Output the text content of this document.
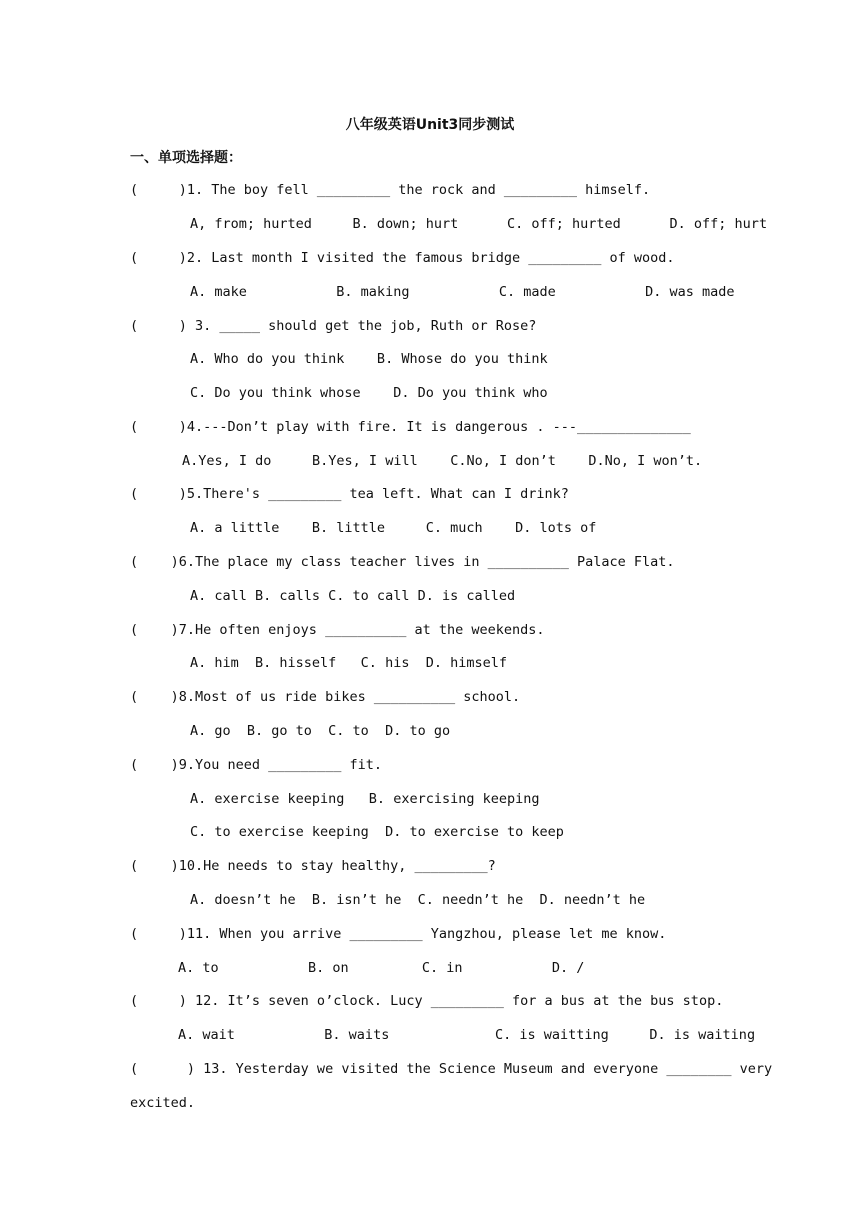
八年级英语Unit3同步测试
一、单项选择题：
(     )1. The boy fell _________ the rock and _________ himself.
A, from; hurted     B. down; hurt      C. off; hurted      D. off; hurt
(     )2. Last month I visited the famous bridge _________ of wood.
A. make           B. making           C. made           D. was made
(     ) 3. _____ should get the job, Ruth or Rose?
A. Who do you think    B. Whose do you think
C. Do you think whose    D. Do you think who
(     )4.---Don’t play with fire. It is dangerous . ---______________
A.Yes, I do     B.Yes, I will    C.No, I don’t    D.No, I won’t.
(     )5.There's _________ tea left. What can I drink?
A. a little    B. little     C. much    D. lots of
(    )6.The place my class teacher lives in __________ Palace Flat.
A. call B. calls C. to call D. is called
(    )7.He often enjoys __________ at the weekends.
A. him  B. hisself   C. his  D. himself
(    )8.Most of us ride bikes __________ school.
A. go  B. go to  C. to  D. to go
(    )9.You need _________ fit.
A. exercise keeping   B. exercising keeping
C. to exercise keeping  D. to exercise to keep
(    )10.He needs to stay healthy, _________?
A. doesn’t he  B. isn’t he  C. needn’t he  D. needn’t he
(     )11. When you arrive _________ Yangzhou, please let me know.
A. to           B. on         C. in           D. /
(     ) 12. It’s seven o’clock. Lucy _________ for a bus at the bus stop.
A. wait           B. waits             C. is waitting     D. is waiting
(      ) 13. Yesterday we visited the Science Museum and everyone ________ very
excited.
